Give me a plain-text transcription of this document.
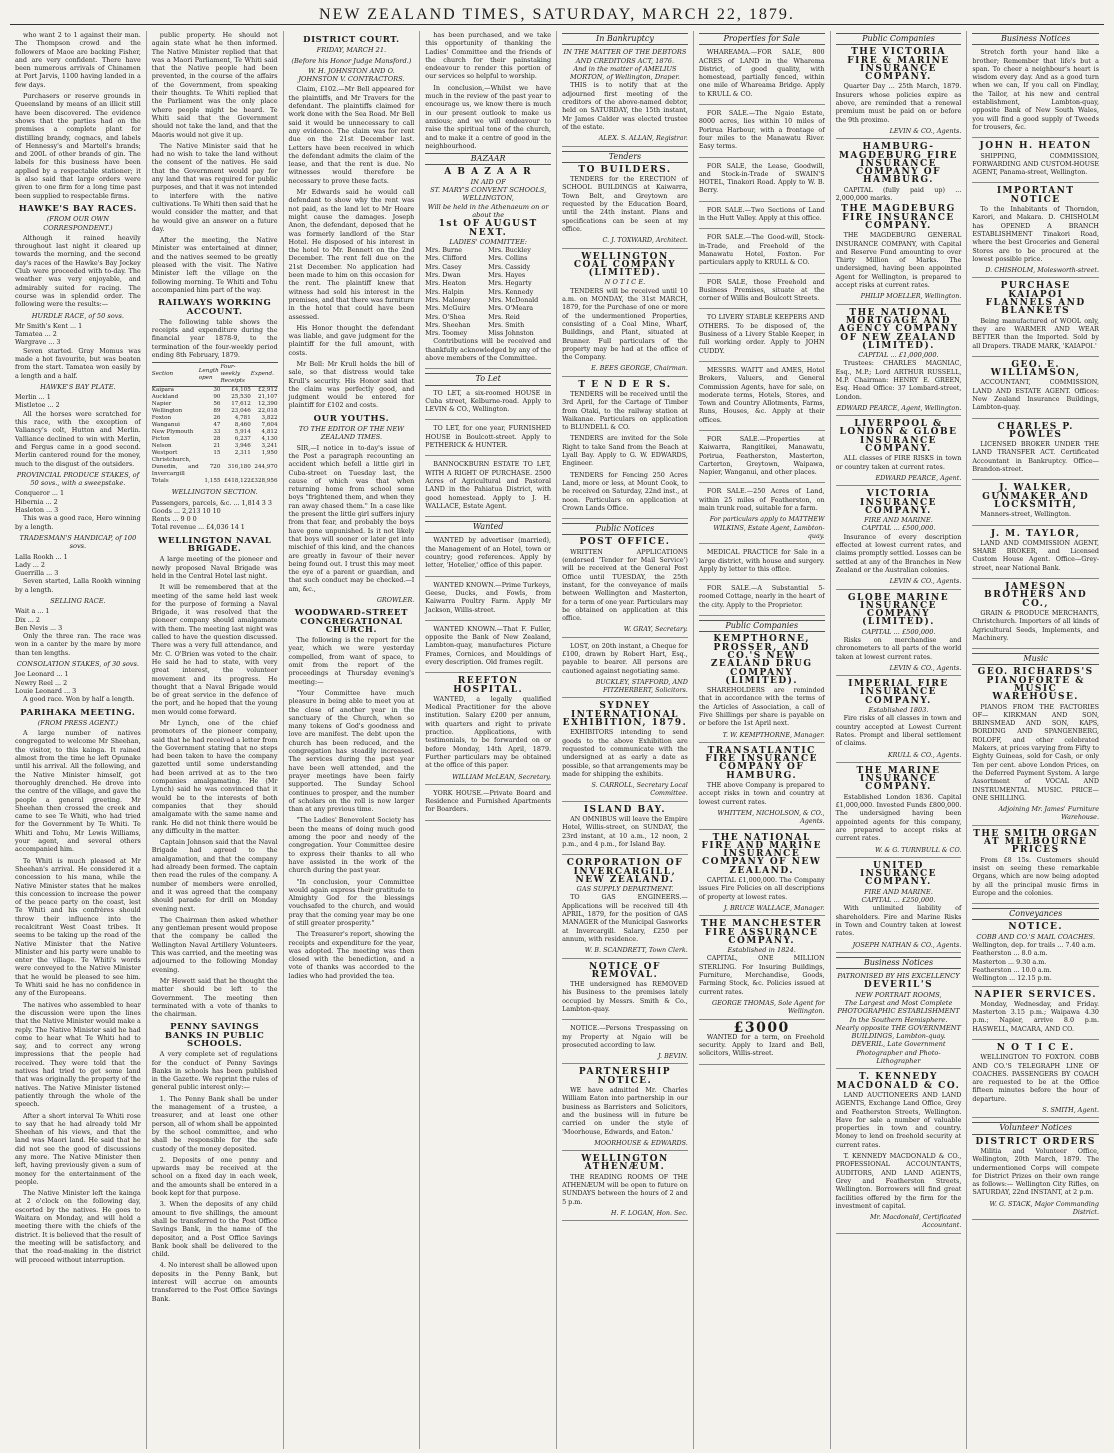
NEW ZEALAND TIMES, SATURDAY, MARCH 22, 1879.

who want 2 to 1 against their man. The Thompson crowd and the followers of Maoe are backing Fisher, and are very confident. There have been numerous arrivals of Chinamen at Port Jarvis, 1100 having landed in a few days.

Purchasers or reserve grounds in Queensland by means of an illicit still have been discovered. The evidence shows that the parties had on the premises a complete plant for distilling brandy, cognacs, and labels of Hennessy's and Martell's brands; and 200L of other brands of gin. The labels for this business have been applied by a respectable stationer; it is also said that large orders were given to one firm for a long time past been supplied to respectable firms.

HAWKE'S BAY RACES.
(FROM OUR OWN CORRESPONDENT.)

Although it rained heavily throughout last night it cleared up towards the morning, and the second day's races of the Hawke's Bay Jockey Club were proceeded with to-day. The weather was very enjoyable, and admirably suited for racing. The course was in splendid order. The following were the results:—

HURDLE RACE, of 50 sovs.
Mr Smith's Kent ... 1
Tamatea ... 2
Wargrave ... 3

Seven started. Gray Momus was made a hot favourite, but was beaten from the start. Tamatea won easily by a length and a half.

HAWKE'S BAY PLATE.
Merlin ... 1
Mistletoe ... 2

All the horses were scratched for this race, with the exception of Valiancy's colt, Hutton and Merlin. Valliance declined to win with Merlin, and Fergus came in a good second. Merlin cantered round for the money, much to the disgust of the outsiders.

PROVINCIAL PRODUCE STAKES, of 50 sovs., with a sweepstake.
Conqueror ... 1
Hibernia ... 2
Hasleton ... 3

This was a good race, Hero winning by a length.

TRADESMAN'S HANDICAP, of 100 sovs.
Lalla Rookh ... 1
Lady ... 2
Guerrilla ... 3

Seven started, Lalla Rookh winning by a length.

SELLING RACE.
Wait a ... 1
Dix ... 2
Ben Nevis ... 3

Only the three ran. The race was won in a canter by the mare by more than ten lengths.

CONSOLATION STAKES, of 30 sovs.
Joe Leonard ... 1
Newry Reel ... 2
Louie Leonard ... 3

A good race. Won by half a length.

PARIHAKA MEETING.
(FROM PRESS AGENT.)

A large number of natives congregated to welcome Mr Sheehan, the visitor, to this kainga. It rained almost from the time he left Opunake until his arrival. All the following, and the Native Minister himself, got thoroughly drenched. He drove into the centre of the village, and gave the people a general greeting. Mr Sheehan then crossed the creek and came to see Te Whiti, who had tried for the Government by Te Whiti. Te Whiti and Tohu, Mr Lewis Williams, your agent, and several others accompanied him.

Te Whiti is much pleased at Mr Sheehan's arrival. He considered it a concession to his mana, while the Native Minister states that he makes this concession to increase the power of the peace party on the coast, lest Te Whiti and his confrères should throw their influence into the recalcitrant West Coast tribes. It seems to be taking up the road of the Native Minister that the Native Minister and his party were unable to enter the village. Te Whiti's words were conveyed to the Native Minister that he would be pleased to see him. Te Whiti said he has no confidence in any of the Europeans.

The natives who assembled to hear the discussion were upon the lines that the Native Minister would make a reply. The Native Minister said he had come to hear what Te Whiti had to say, and to correct any wrong impressions that the people had received. They were told that the natives had tried to get some land that was originally the property of the natives. The Native Minister listened patiently through the whole of the speech.

After a short interval Te Whiti rose to say that he had already told Mr Sheehan of his views, and that the land was Maori land. He said that he did not see the good of discussions any more. The Native Minister then left, having previously given a sum of money for the entertainment of the people.

The Native Minister left the kainga at 2 o'clock on the following day, escorted by the natives. He goes to Waitara on Monday, and will hold a meeting there with the chiefs of the district. It is believed that the result of the meeting will be satisfactory, and that the road-making in the district will proceed without interruption.

public property. He should not again state what he then informed. The Native Minister replied that that was a Maori Parliament, Te Whiti said that the Native people had been prevented, in the course of the affairs of the Government, from speaking their thoughts. Te Whiti replied that the Parliament was the only place where people might be heard. Te Whiti said that the Government should not take the land, and that the Maoris would not give it up.

The Native Minister said that he had no wish to take the land without the consent of the natives. He said that the Government would pay for any land that was required for public purposes, and that it was not intended to interfere with the native cultivations. Te Whiti then said that he would consider the matter, and that he would give an answer on a future day.

After the meeting, the Native Minister was entertained at dinner, and the natives seemed to be greatly pleased with the visit. The Native Minister left the village on the following morning. Te Whiti and Tohu accompanied him part of the way.

RAILWAYS WORKING ACCOUNT.

The following table shows the receipts and expenditure during the financial year 1878-9, to the termination of the four-weekly period ending 8th February, 1879.

Section	Length open	Four-weekly Receipts	Expend.
Kaipara	30	£4,105	£2,912
Auckland	90	25,530	21,107
Napier	56	17,612	12,390
Wellington	89	23,046	22,018
Foxton	26	4,781	3,822
Wanganui	47	8,460	7,604
New Plymouth	33	5,914	4,812
Picton	28	6,237	4,130
Nelson	21	3,946	3,241
Westport	15	2,311	1,950
Christchurch, Dunedin, and Invercargill	720	316,180	244,970
Totals	1,155	£418,122	£328,956
WELLINGTON SECTION.
Passengers, parcels, &c. ... 1,814 3 3
Goods ... 2,213 10 10
Rents ... 9 0 0
Total revenue ... £4,036 14 1
WELLINGTON NAVAL BRIGADE.

A large meeting of the pioneer and newly proposed Naval Brigade was held in the Central Hotel last night.

It will be remembered that at the meeting of the same held last week for the purpose of forming a Naval Brigade, it was resolved that the pioneer company should amalgamate with them. The meeting last night was called to have the question discussed. There was a very full attendance, and Mr. C. O'Brien was voted to the chair. He said he had to state, with very great interest, the volunteer movement and its progress. He thought that a Naval Brigade would be of great service in the defence of the port, and he hoped that the young men would come forward.

Mr Lynch, one of the chief promoters of the pioneer company, said that he had received a letter from the Government stating that no steps had been taken to have the company gazetted until some understanding had been arrived at as to the two companies amalgamating. He (Mr Lynch) said he was convinced that it would be to the interests of both companies that they should amalgamate with the same name and rank. He did not think there would be any difficulty in the matter.

Captain Johnson said that the Naval Brigade had agreed to the amalgamation, and that the company had already been formed. The captain then read the rules of the company. A number of members were enrolled, and it was agreed that the company should parade for drill on Monday evening next.

The Chairman then asked whether any gentleman present would propose that the company be called the Wellington Naval Artillery Volunteers. This was carried, and the meeting was adjourned to the following Monday evening.

Mr Hewett said that he thought the matter should be left to the Government. The meeting then terminated with a vote of thanks to the chairman.

PENNY SAVINGS BANKS IN PUBLIC SCHOOLS.

A very complete set of regulations for the conduct of Penny Savings Banks in schools has been published in the Gazette. We reprint the rules of general public interest only:—

1. The Penny Bank shall be under the management of a trustee, a treasurer, and at least one other person, all of whom shall be appointed by the school committee, and who shall be responsible for the safe custody of the money deposited.

2. Deposits of one penny and upwards may be received at the school on a fixed day in each week, and the amounts shall be entered in a book kept for that purpose.

3. When the deposits of any child amount to five shillings, the amount shall be transferred to the Post Office Savings Bank, in the name of the depositor, and a Post Office Savings Bank book shall be delivered to the child.

4. No interest shall be allowed upon deposits in the Penny Bank, but interest will accrue on amounts transferred to the Post Office Savings Bank.

DISTRICT COURT.
FRIDAY, MARCH 21.
(Before his Honor Judge Mansford.)
W. H. JOHNSTON AND O. JOHNSTON V. CONTRACTORS.

Claim, £102.—Mr Bell appeared for the plaintiffs, and Mr Travers for the defendant. The plaintiffs claimed for work done with the Sea Road. Mr Bell said it would be unnecessary to call any evidence. The claim was for rent due on the 21st December last. Letters have been received in which the defendant admits the claim of the lease, and that the rent is due. No witnesses would therefore be necessary to prove these facts.

Mr Edwards said he would call defendant to show why the rent was not paid, as the land let to Mr Hoare might cause the damages. Joseph Anon, the defendant, deposed that he was formerly landlord of the Star Hotel. He disposed of his interest in the hotel to Mr. Bennett on the 2nd December. The rent fell due on the 21st December. No application had been made to him on this occasion for the rent. The plaintiff knew that witness had sold his interest in the premises, and that there was furniture in the hotel that could have been assessed.

His Honor thought the defendant was liable, and gave judgment for the plaintiff for the full amount, with costs.

Mr Bell: Mr Krull holds the bill of sale, so that distress would take Krull's security. His Honor said that the claim was perfectly good, and judgment would be entered for plaintiff for £102 and costs.

OUR YOUTHS.
TO THE EDITOR OF THE NEW ZEALAND TIMES.

SIR,—I notice in to-day's issue of the Post a paragraph recounting an accident which befell a little girl in Cuba-street on Tuesday last, the cause of which was that when returning home from school some boys "frightened them, and when they ran away chased them." In a case like the present the little girl suffers injury from that fear, and probably the boys have gone unpunished. Is it not likely that boys will sooner or later get into mischief of this kind, and the chances are greatly in favour of their never being found out. I trust this may meet the eye of a parent or guardian, and that such conduct may be checked.—I am, &c.,

GROWLER.
WOODWARD-STREET CONGREGATIONAL CHURCH.

The following is the report for the year, which we were yesterday compelled, from want of space, to omit from the report of the proceedings at Thursday evening's meeting:—

"Your Committee have much pleasure in being able to meet you at the close of another year in the sanctuary of the Church, when so many tokens of God's goodness and love are manifest. The debt upon the church has been reduced, and the congregation has steadily increased. The services during the past year have been well attended, and the prayer meetings have been fairly supported. The Sunday School continues to prosper, and the number of scholars on the roll is now larger than at any previous time.

"The Ladies' Benevolent Society has been the means of doing much good among the poor and needy of the congregation. Your Committee desire to express their thanks to all who have assisted in the work of the church during the past year.

"In conclusion, your Committee would again express their gratitude to Almighty God for the blessings vouchsafed to the church, and would pray that the coming year may be one of still greater prosperity."

The Treasurer's report, showing the receipts and expenditure for the year, was adopted. The meeting was then closed with the benediction, and a vote of thanks was accorded to the ladies who had provided the tea.

has been purchased, and we take this opportunity of thanking the Ladies' Committee and the friends of the church for their painstaking endeavour to render this portion of our services so helpful to worship.

In conclusion,—Whilst we have much in the review of the past year to encourage us, we know there is much in our present outlook to make us anxious; and we will endeavour to raise the spiritual tone of the church, and to make it a centre of good in the neighbourhood.

BAZAAR
A B A Z A A R
IN AID OF
ST. MARY'S CONVENT SCHOOLS, WELLINGTON,
Will be held in the Athenaeum on or about the
1st OF AUGUST NEXT.
LADIES' COMMITTEE:
Mrs. Burne	Mrs. Buckley
Mrs. Clifford	Mrs. Collins
Mrs. Casey	Mrs. Cassidy
Mrs. Dwan	Mrs. Hayes
Mrs. Heaton	Mrs. Hegarty
Mrs. Halpin	Mrs. Kennedy
Mrs. Maloney	Mrs. McDonald
Mrs. McGuire	Mrs. O'Meara
Mrs. O'Shea	Mrs. Reid
Mrs. Sheehan	Mrs. Smith
Mrs. Toomey	Miss Johnston

Contributions will be received and thankfully acknowledged by any of the above members of the Committee.

To Let

TO LET, a six-roomed HOUSE in Cuba street, Kelburne-road. Apply to LEVIN & CO., Wellington.

TO LET, for one year, FURNISHED HOUSE in Boulcott-street. Apply to PETHERICK & HUNTER.

BANNOCKBURN ESTATE TO LET, WITH A RIGHT OF PURCHASE. 2500 Acres of Agricultural and Pastoral LAND in the Pahiatua District, with good homestead. Apply to J. H. WALLACE, Estate Agent.

Wanted

WANTED by advertiser (married), the Management of an Hotel, town or country; good references. Apply by letter, 'Hotelier,' office of this paper.

WANTED KNOWN.—Prime Turkeys, Geese, Ducks, and Fowls, from Kaiwarra Poultry Farm. Apply Mr Jackson, Willis-street.

WANTED KNOWN.—That F. Fuller, opposite the Bank of New Zealand, Lambton-quay, manufactures Picture Frames, Cornices, and Mouldings of every description. Old frames regilt.

REEFTON HOSPITAL.

WANTED, a legally qualified Medical Practitioner for the above institution. Salary £200 per annum, with quarters and right to private practice. Applications, with testimonials, to be forwarded on or before Monday, 14th April, 1879. Further particulars may be obtained at the office of this paper.

WILLIAM McLEAN, Secretary.

YORK HOUSE.—Private Board and Residence and Furnished Apartments for Boarders.

In Bankruptcy
IN THE MATTER OF THE DEBTORS AND CREDITORS ACT, 1876.
And in the matter of AMELIUS MORTON, of Wellington, Draper.

THIS is to notify that at the adjourned first meeting of the creditors of the above-named debtor, held on SATURDAY, the 15th instant, Mr James Calder was elected trustee of the estate.

ALEX. S. ALLAN, Registrar.
Tenders
TO BUILDERS.

TENDERS for the ERECTION of SCHOOL BUILDINGS at Kaiwarra, Town Belt, and Greytown are requested by the Education Board, until the 24th instant. Plans and specifications can be seen at my office.

C. J. TOXWARD, Architect.
WELLINGTON COAL COMPANY (LIMITED).
N O T I C E.

TENDERS will be received until 10 a.m. on MONDAY, the 31st MARCH, 1879, for the Purchase of one or more of the undermentioned Properties, consisting of a Coal Mine, Wharf, Buildings, and Plant, situated at Brunner. Full particulars of the property may be had at the office of the Company.

E. BEES GEORGE, Chairman.
T E N D E R S.

TENDERS will be received until the 3rd April, for the Cartage of Timber from Otaki, to the railway station at Waikanae. Particulars on application to BLUNDELL & CO.

TENDERS are invited for the Sole Right to take Sand from the Beach at Lyall Bay. Apply to G. W. EDWARDS, Engineer.

TENDERS for Fencing 250 Acres Land, more or less, at Mount Cook, to be received on Saturday, 22nd inst., at noon. Particulars on application at Crown Lands Office.

Public Notices
POST OFFICE.

WRITTEN APPLICATIONS (endorsed 'Tender for Mail Service') will be received at the General Post Office until TUESDAY, the 25th instant, for the conveyance of mails between Wellington and Masterton, for a term of one year. Particulars may be obtained on application at this office.

W. GRAY, Secretary.

LOST, on 20th instant, a Cheque for £100, drawn by Robert Hart, Esq., payable to bearer. All persons are cautioned against negotiating same.

BUCKLEY, STAFFORD, AND FITZHERBERT, Solicitors.
SYDNEY INTERNATIONAL EXHIBITION, 1879.

EXHIBITORS intending to send goods to the above Exhibition are requested to communicate with the undersigned at as early a date as possible, so that arrangements may be made for shipping the exhibits.

S. CARROLL, Secretary Local Committee.
ISLAND BAY.

AN OMNIBUS will leave the Empire Hotel, Willis-street, on SUNDAY, the 23rd instant, at 10 a.m., 12 noon, 2 p.m., and 4 p.m., for Island Bay.

CORPORATION OF INVERCARGILL, NEW ZEALAND.
GAS SUPPLY DEPARTMENT.

TO GAS ENGINEERS.—Applications will be received till 4th APRIL, 1879, for the position of GAS MANAGER of the Municipal Gasworks at Invercargill. Salary, £250 per annum, with residence.

W. B. SCANDRETT, Town Clerk.
NOTICE OF REMOVAL.

THE undersigned has REMOVED his Business to the premises lately occupied by Messrs. Smith & Co., Lambton-quay.

NOTICE.—Persons Trespassing on my Property at Ngaio will be prosecuted according to law.

J. BEVIN.
PARTNERSHIP NOTICE.

WE have admitted Mr. Charles William Eaton into partnership in our business as Barristers and Solicitors, and the business will in future be carried on under the style of 'Moorhouse, Edwards, and Eaton.'

MOORHOUSE & EDWARDS.
WELLINGTON ATHENÆUM.

THE READING ROOMS OF THE ATHENÆUM will be open to future on SUNDAYS between the hours of 2 and 5 p.m.

H. F. LOGAN, Hon. Sec.
Properties for Sale

WHAREAMA.—FOR SALE, 800 ACRES of LAND in the Wharema District, of good quality, with homestead, partially fenced, within one mile of Whareama Bridge. Apply to KRULL & CO.

FOR SALE.—The Ngaio Estate, 8000 acres, lies within 10 miles of Porirua Harbour, with a frontage of four miles to the Manawatu River. Easy terms.

FOR SALE, the Lease, Goodwill, and Stock-in-Trade of SWAIN'S HOTEL, Tinakori Road. Apply to W. B. Berry.

FOR SALE.—Two Sections of Land in the Hutt Valley. Apply at this office.

FOR SALE.—The Good-will, Stock-in-Trade, and Freehold of the Manawatu Hotel, Foxton. For particulars apply to KRULL & CO.

FOR SALE, those Freehold and Business Premises, situate at the corner of Willis and Boulcott Streets.

TO LIVERY STABLE KEEPERS AND OTHERS. To be disposed of, the Business of a Livery Stable Keeper, in full working order. Apply to JOHN CUDDY.

MESSRS. WAITT and AMES, Hotel Brokers, Valuers, and General Commission Agents, have for sale, on moderate terms, Hotels, Stores, and Town and Country Allotments, Farms, Runs, Houses, &c. Apply at their offices.

FOR SALE.—Properties at Kaiwarra, Rangitikei, Manawatu, Porirua, Featherston, Masterton, Carterton, Greytown, Waipawa, Napier, Wanganui, and other places.

FOR SALE.—250 Acres of Land, within 25 miles of Featherston, on main trunk road, suitable for a farm.

For particulars apply to MATTHEW WILKINS, Estate Agent, Lambton-quay.

MEDICAL PRACTICE for Sale in a large district, with house and surgery. Apply by letter to this office.

FOR SALE.—A Substantial 5-roomed Cottage, nearly in the heart of the city. Apply to the Proprietor.

Public Companies
KEMPTHORNE, PROSSER, AND CO.'S NEW ZEALAND DRUG COMPANY (LIMITED).

SHAREHOLDERS are reminded that in accordance with the terms of the Articles of Association, a call of Five Shillings per share is payable on or before the 1st April next.

T. W. KEMPTHORNE, Manager.
TRANSATLANTIC FIRE INSURANCE COMPANY OF HAMBURG.

THE above Company is prepared to accept risks in town and country at lowest current rates.

WHITTEM, NICHOLSON, & CO., Agents.
THE NATIONAL FIRE AND MARINE INSURANCE COMPANY OF NEW ZEALAND.

CAPITAL £1,000,000. The Company issues Fire Policies on all descriptions of property at lowest rates.

J. BRUCE WALLACE, Manager.
THE MANCHESTER FIRE ASSURANCE COMPANY.
Established in 1824.

CAPITAL, ONE MILLION STERLING. For Insuring Buildings, Furniture, Merchandise, Goods, Farming Stock, &c. Policies issued at current rates.

GEORGE THOMAS, Sole Agent for Wellington.
£3000

WANTED for a term, on Freehold security. Apply to Izard and Bell, solicitors, Willis-street.

Public Companies
THE VICTORIA FIRE & MARINE INSURANCE COMPANY.

Quarter Day ... 25th March, 1879. Insurers whose policies expire as above, are reminded that a renewal premium must be paid on or before the 9th proximo.

LEVIN & CO., Agents.
HAMBURG-MAGDEBURG FIRE INSURANCE COMPANY OF HAMBURG.

CAPITAL (fully paid up) ... 2,000,000 marks.

THE MAGDEBURG FIRE INSURANCE COMPANY.

THE MAGDEBURG GENERAL INSURANCE COMPANY, with Capital and Reserve Fund amounting to over Thirty Million of Marks. The undersigned, having been appointed Agent for Wellington, is prepared to accept risks at current rates.

PHILIP MOELLER, Wellington.
THE NATIONAL MORTGAGE AND AGENCY COMPANY OF NEW ZEALAND (LIMITED).
CAPITAL ... £1,000,000.

Trustees: CHARLES MAGNIAC, Esq., M.P.; Lord ARTHUR RUSSELL, M.P. Chairman: HENRY E. GREEN, Esq. Head Office: 37 Lombard-street, London.

EDWARD PEARCE, Agent, Wellington.
LIVERPOOL & LONDON & GLOBE INSURANCE COMPANY.

ALL classes of FIRE RISKS in town or country taken at current rates.

EDWARD PEARCE, Agent.
VICTORIA INSURANCE COMPANY.
FIRE AND MARINE.
CAPITAL ... £500,000.

Insurance of every description effected at lowest current rates, and claims promptly settled. Losses can be settled at any of the Branches in New Zealand or the Australian colonies.

LEVIN & CO., Agents.
GLOBE MARINE INSURANCE COMPANY (LIMITED).
CAPITAL ... £500,000.

Risks on merchandise and chronometers to all parts of the world taken at lowest current rates.

LEVIN & CO., Agents.
IMPERIAL FIRE INSURANCE COMPANY.
Established 1803.

Fire risks of all classes in town and country accepted at Lowest Current Rates. Prompt and liberal settlement of claims.

KRULL & CO., Agents.
THE MARINE INSURANCE COMPANY.

Established London 1836. Capital £1,000,000. Invested Funds £800,000. The undersigned having been appointed agents for this company, are prepared to accept risks at current rates.

W. & G. TURNBULL & CO.
UNITED INSURANCE COMPANY.
FIRE AND MARINE.
CAPITAL ... £250,000.

With unlimited liability of shareholders. Fire and Marine Risks in Town and Country taken at lowest rates.

JOSEPH NATHAN & CO., Agents.
Business Notices
PATRONISED BY HIS EXCELLENCY
DEVERIL'S
NEW PORTRAIT ROOMS,
The Largest and Most Complete PHOTOGRAPHIC ESTABLISHMENT In the Southern Hemisphere.
Nearly opposite THE GOVERNMENT BUILDINGS, Lambton-quay.
DEVERIL, Late Government Photographer and Photo-Lithographer
T. KENNEDY MACDONALD & CO.

LAND AUCTIONEERS AND LAND AGENTS, Exchange Land Office, Grey and Featherston Streets, Wellington. Have for sale a number of valuable properties in town and country. Money to lend on freehold security at current rates.

T. KENNEDY MACDONALD & CO., PROFESSIONAL ACCOUNTANTS, AUDITORS, AND LAND AGENTS, Grey and Featherston Streets, Wellington. Borrowers will find great facilities offered by the firm for the investment of capital.

Mr. Macdonald, Certificated Accountant.
Business Notices

Stretch forth your hand like a brother; Remember that life's but a span. To cheer a neighbour's heart is wisdom every day. And as a good turn when we can, If you call on Findlay, the Tailor, at his new and central establishment, Lambton-quay, opposite Bank of New South Wales, you will find a good supply of Tweeds for trousers, &c.

JOHN H. HEATON

SHIPPING, COMMISSION, FORWARDING AND CUSTOM-HOUSE AGENT, Panama-street, Wellington.

IMPORTANT NOTICE

To the Inhabitants of Thorndon, Karori, and Makara. D. CHISHOLM has OPENED A BRANCH ESTABLISHMENT Tinakori Road, where the best Groceries and General Stores are to be procured at the lowest possible price.

D. CHISHOLM, Molesworth-street.
PURCHASE KAIAPOI FLANNELS AND BLANKETS

Being manufactured of WOOL only, they are WARMER AND WEAR BETTER than the Imported. Sold by all Drapers. TRADE MARK, 'KAIAPOI.'

GEO. E. WILLIAMSON,

ACCOUNTANT, COMMISSION, LAND AND ESTATE AGENT. Offices: New Zealand Insurance Buildings, Lambton-quay.

CHARLES P. POWLES

LICENSED BROKER UNDER THE LAND TRANSFER ACT. Certificated Accountant in Bankruptcy. Office—Brandon-street.

J. WALKER, GUNMAKER AND LOCKSMITH,

Manners-street, Wellington.

J. M. TAYLOR,

LAND AND COMMISSION AGENT, SHARE BROKER, and Licensed Custom House Agent. Office—Grey-street, near National Bank.

JAMESON BROTHERS AND CO.,

GRAIN & PRODUCE MERCHANTS, Christchurch. Importers of all kinds of Agricultural Seeds, Implements, and Machinery.

Music
GEO. RICHARDS'S PIANOFORTE & MUSIC WAREHOUSE.

PIANOS FROM THE FACTORIES OF— KIRKMAN AND SON, BRINSMEAD AND SON, KAPS, BORDING AND SPANGENBERG, ROLOFF, and other celebrated Makers, at prices varying from Fifty to Eighty Guineas, sold for Cash, or only Ten per cent. above London Prices, on the Deferred Payment System. A large Assortment of VOCAL AND INSTRUMENTAL MUSIC. PRICE—ONE SHILLING.

Adjoining Mr. James' Furniture Warehouse.
THE SMITH ORGAN AT MELBOURNE PRICES

From £8 15s. Customers should insist on seeing these remarkable Organs, which are now being adopted by all the principal music firms in Europe and the colonies.

Conveyances
NOTICE.
COBB AND CO.'S MAIL COACHES.
Wellington, dep. for trails ... 7.40 a.m.
Featherston ... 8.0 a.m.
Masterton ... 9.30 a.m.
Featherston ... 10.0 a.m.
Wellington ... 12.15 p.m.
NAPIER SERVICES.

Monday, Wednesday, and Friday. Masterton 3.15 p.m.; Waipawa 4.30 p.m.; Napier, arrive 8.0 p.m. HASWELL, MACARA, AND CO.

N O T I C E.

WELLINGTON TO FOXTON. COBB AND CO.'S TELEGRAPH LINE OF COACHES. PASSENGERS BY COACH are requested to be at the Office fifteen minutes before the hour of departure.

S. SMITH, Agent.
Volunteer Notices
DISTRICT ORDERS

Militia and Volunteer Office, Wellington, 20th March, 1879. The undermentioned Corps will compete for District Prizes on their own range as follows:— Wellington City Rifles, on SATURDAY, 22nd INSTANT, at 2 p.m.

W. G. STACK, Major Commanding District.
